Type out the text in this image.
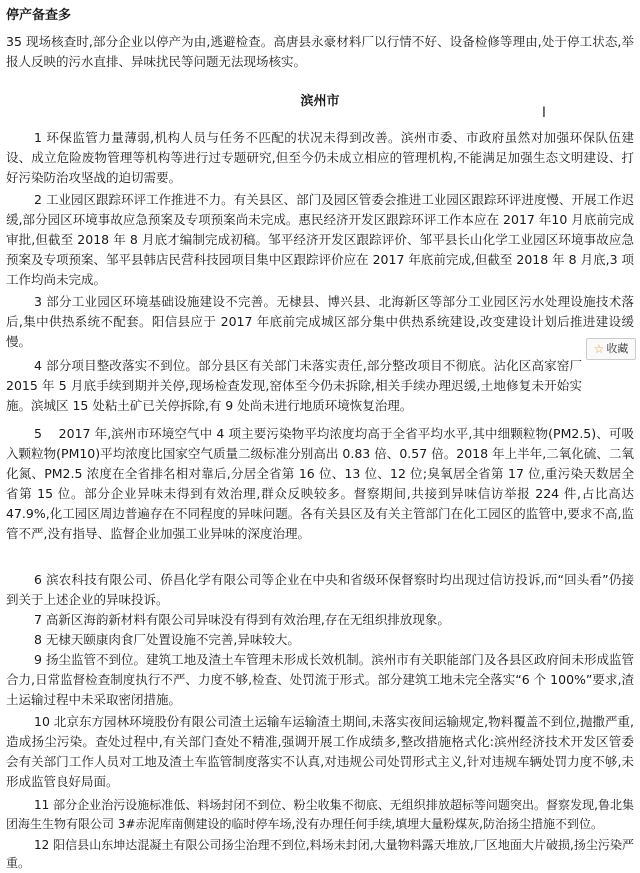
停产备查多

35 现场核查时,部分企业以停产为由,逃避检查。高唐县永豪材料厂以行情不好、设备检修等理由,处于停工状态,举报人反映的污水直排、异味扰民等问题无法现场核实。

滨州市

I

1 环保监管力量薄弱,机构人员与任务不匹配的状况未得到改善。滨州市委、市政府虽然对加强环保队伍建设、成立危险废物管理等机构等进行过专题研究,但至今仍未成立相应的管理机构,不能满足加强生态文明建设、打好污染防治攻坚战的迫切需要。

2 工业园区跟踪环评工作推进不力。有关县区、部门及园区管委会推进工业园区跟踪环评进度慢、开展工作迟缓,部分园区环境事故应急预案及专项预案尚未完成。惠民经济开发区跟踪环评工作本应在 2017 年10 月底前完成审批,但截至 2018 年 8 月底才编制完成初稿。邹平经济开发区跟踪评价、邹平县长山化学工业园区环境事故应急预案及专项预案、邹平县韩店民营科技园项目集中区跟踪评价应在 2017 年底前完成,但截至 2018 年 8 月底,3 项工作均尚未完成。

3 部分工业园区环境基础设施建设不完善。无棣县、博兴县、北海新区等部分工业园区污水处理设施技术落后,集中供热系统不配套。阳信县应于 2017 年底前完成城区部分集中供热系统建设,改变建设计划后推进建设缓慢。	☆ 收藏

4 部分项目整改落实不到位。部分县区有关部门未落实责任,部分整改项目不彻底。沾化区高家窑厂2015 年 5 月底手续到期并关停,现场检查发现,窑体至今仍未拆除,相关手续办理迟缓,土地修复未开始实施。滨城区 15 处粘土矿已关停拆除,有 9 处尚未进行地质环境恢复治理。

5 　2017 年,滨州市环境空气中 4 项主要污染物平均浓度均高于全省平均水平,其中细颗粒物(PM2.5)、可吸入颗粒物(PM10)平均浓度比国家空气质量二级标准分别高出 0.83 倍、0.57 倍。2018 年上半年,二氧化硫、二氧化氮、PM2.5 浓度在全省排名相对靠后,分居全省第 16 位、13 位、12 位;臭氧居全省第 17 位,重污染天数居全省第 15 位。部分企业异味未得到有效治理,群众反映较多。督察期间,共接到异味信访举报 224 件,占比高达 47.9%,化工园区周边普遍存在不同程度的异味问题。各有关县区及有关主管部门在化工园区的监管中,要求不高,监管不严,没有指导、监督企业加强工业异味的深度治理。

6 滨农科技有限公司、侨昌化学有限公司等企业在中央和省级环保督察时均出现过信访投诉,而“回头看”仍接到关于上述企业的异味投诉。

7 高新区海韵新材料有限公司异味没有得到有效治理,存在无组织排放现象。

8 无棣天颐康肉食厂处置设施不完善,异味较大。

9 扬尘监管不到位。建筑工地及渣土车管理未形成长效机制。滨州市有关职能部门及各县区政府间未形成监管合力,日常监督检查制度执行不严、力度不够,检查、处罚流于形式。部分建筑工地未完全落实“6 个 100%”要求,渣土运输过程中未采取密闭措施。

10 北京东方园林环境股份有限公司渣土运输车运输渣土期间,未落实夜间运输规定,物料覆盖不到位,抛撒严重,造成扬尘污染。查处过程中,有关部门查处不精准,强调开展工作成绩多,整改措施格式化:滨州经济技术开发区管委会有关部门工作人员对工地及渣土车监管制度落实不认真,对违规公司处罚形式主义,针对违规车辆处罚力度不够,未形成监管良好局面。

11 部分企业治污设施标准低、料场封闭不到位、粉尘收集不彻底、无组织排放超标等问题突出。督察发现,鲁北集团海生生物有限公司 3#赤泥库南侧建设的临时停车场,没有办理任何手续,填埋大量粉煤灰,防治扬尘措施不到位。

12 阳信县山东坤达混凝土有限公司扬尘治理不到位,料场未封闭,大量物料露天堆放,厂区地面大片破损,扬尘污染严重。
